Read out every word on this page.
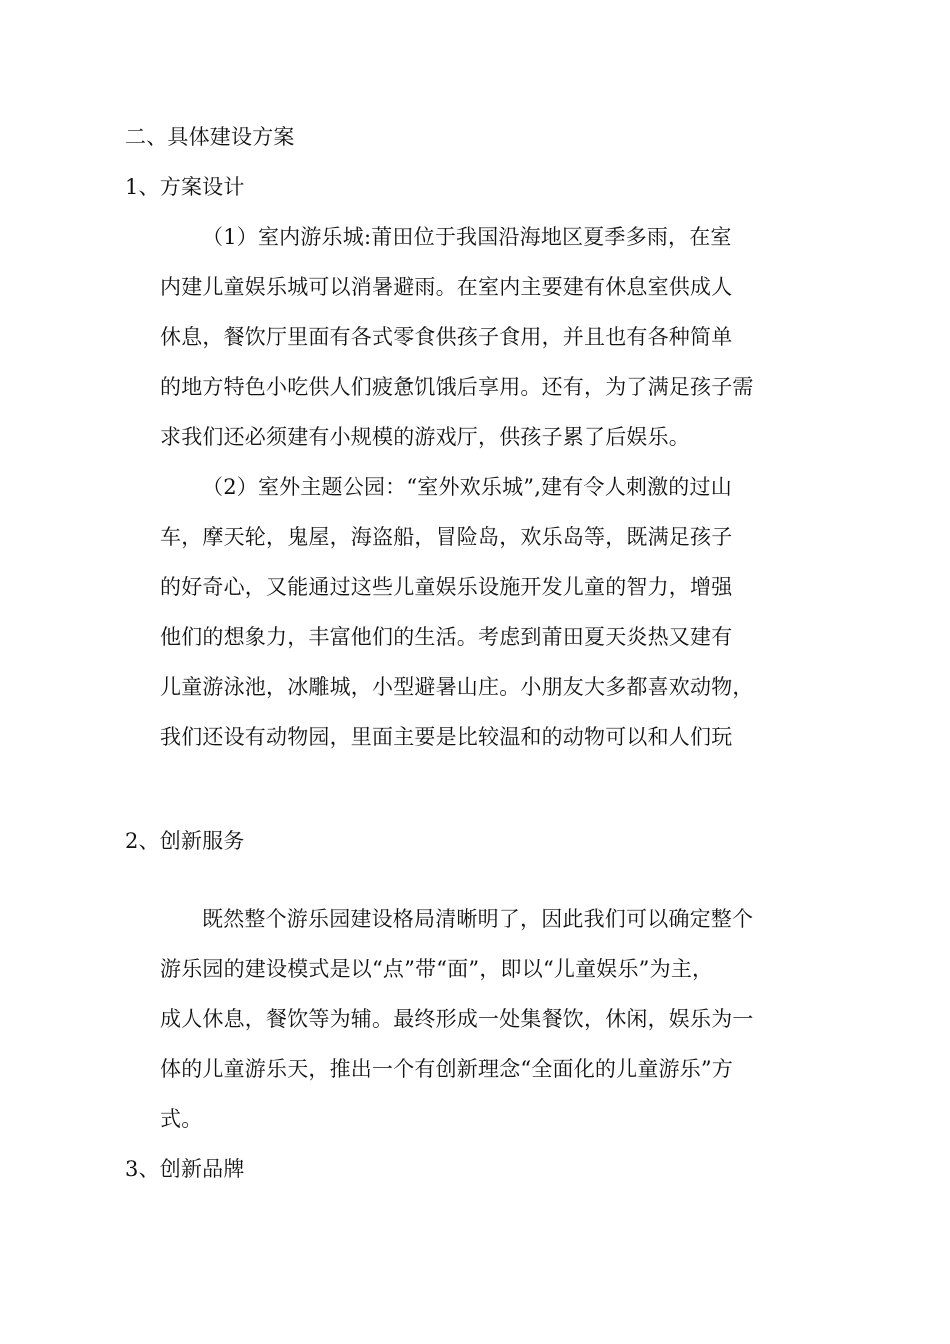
二、具体建设方案
1、方案设计
（1）室内游乐城:莆田位于我国沿海地区夏季多雨，在室
内建儿童娱乐城可以消暑避雨。在室内主要建有休息室供成人
休息，餐饮厅里面有各式零食供孩子食用，并且也有各种简单
的地方特色小吃供人们疲惫饥饿后享用。还有，为了满足孩子需
求我们还必须建有小规模的游戏厅，供孩子累了后娱乐。
（2）室外主题公园：“室外欢乐城”,建有令人刺激的过山
车，摩天轮，鬼屋，海盗船，冒险岛，欢乐岛等，既满足孩子
的好奇心，又能通过这些儿童娱乐设施开发儿童的智力，增强
他们的想象力，丰富他们的生活。考虑到莆田夏天炎热又建有
儿童游泳池，冰雕城，小型避暑山庄。小朋友大多都喜欢动物，
我们还设有动物园，里面主要是比较温和的动物可以和人们玩
2、创新服务
既然整个游乐园建设格局清晰明了，因此我们可以确定整个
游乐园的建设模式是以“点”带“面”，即以“儿童娱乐”为主，
成人休息，餐饮等为辅。最终形成一处集餐饮，休闲，娱乐为一
体的儿童游乐天，推出一个有创新理念“全面化的儿童游乐”方
式。
3、创新品牌
